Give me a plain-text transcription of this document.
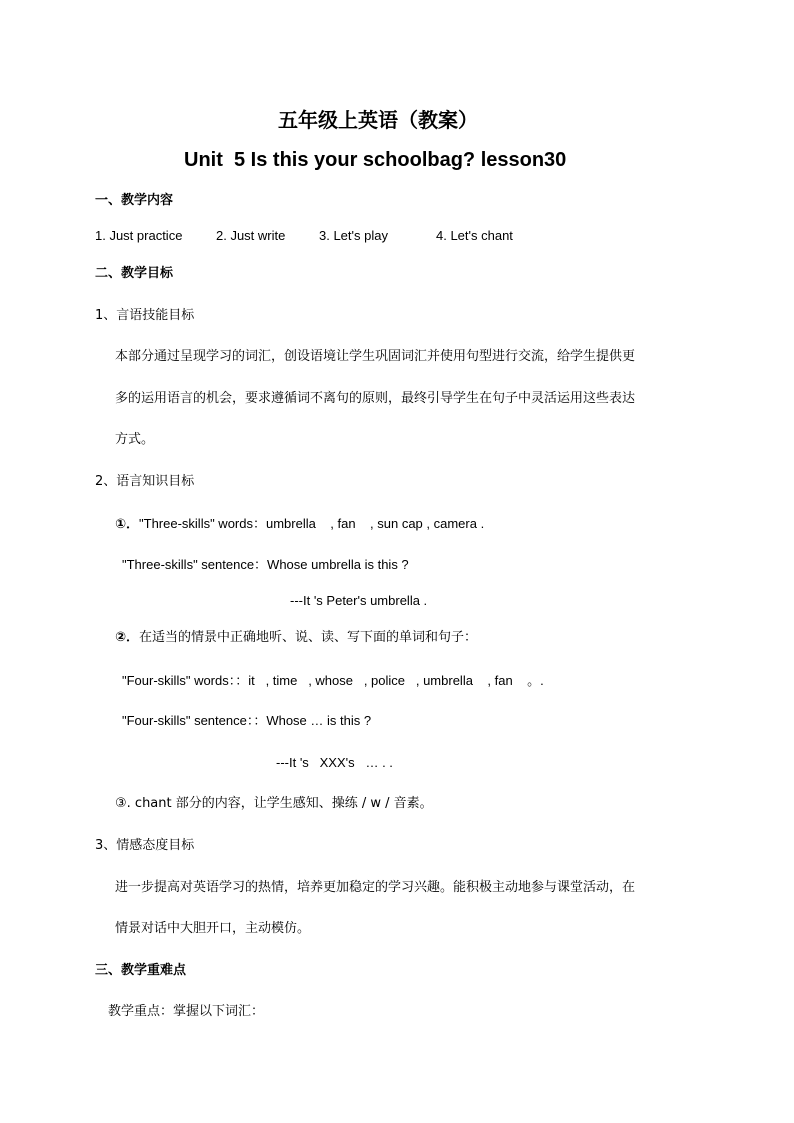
五年级上英语（教案）
Unit  5 Is this your schoolbag? lesson30
一、教学内容
1. Just practice	2. Just write	3. Let's play	4. Let's chant
二、教学目标
1、言语技能目标
本部分通过呈现学习的词汇，创设语境让学生巩固词汇并使用句型进行交流，给学生提供更
多的运用语言的机会，要求遵循词不离句的原则，最终引导学生在句子中灵活运用这些表达
方式。
2、语言知识目标
①．"Three-skills" words：umbrella    , fan    , sun cap , camera .
"Three-skills" sentence：Whose umbrella is this ?
---It 's Peter's umbrella .
②．在适当的情景中正确地听、说、读、写下面的单词和句子：
"Four-skills" words：：it   , time   , whose   , police   , umbrella    , fan    。.
"Four-skills" sentence：：Whose … is this ?
---It 's   XXX's   … . .
③. chant 部分的内容，让学生感知、操练 / w / 音素。
3、情感态度目标
进一步提高对英语学习的热情，培养更加稳定的学习兴趣。能积极主动地参与课堂活动，在
情景对话中大胆开口，主动模仿。
三、教学重难点
教学重点：掌握以下词汇：
